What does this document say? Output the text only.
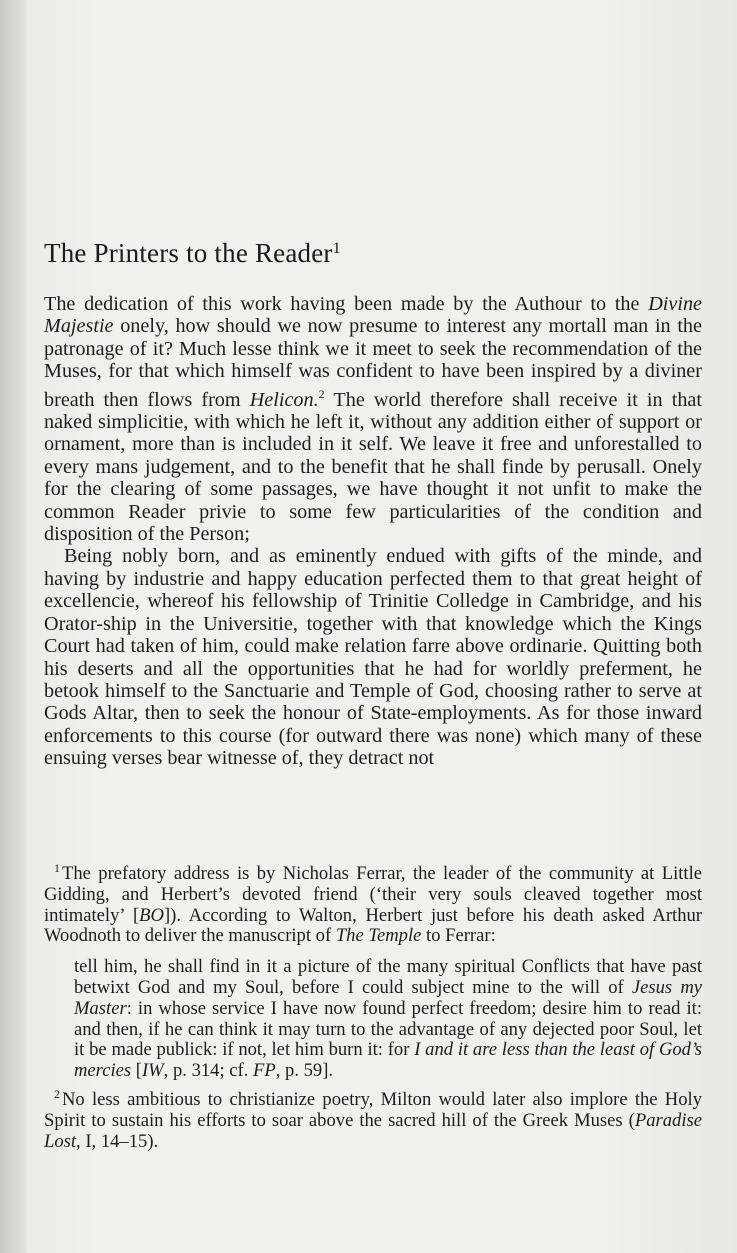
The Printers to the Reader$^1$

The dedication of this work having been made by the Authour to the Divine Majestie onely, how should we now presume to interest any mortall man in the patronage of it? Much lesse think we it meet to seek the recommendation of the Muses, for that which himself was confident to have been inspired by a diviner breath then flows from Helicon.$^2$ The world therefore shall receive it in that naked simplicitie, with which he left it, without any addition either of support or ornament, more than is included in it self. We leave it free and unforestalled to every mans judgement, and to the benefit that he shall finde by perusall. Onely for the clearing of some passages, we have thought it not unfit to make the common Reader privie to some few particularities of the condition and disposition of the Person;

Being nobly born, and as eminently endued with gifts of the minde, and having by industrie and happy education perfected them to that great height of excellencie, whereof his fellowship of Trinitie Colledge in Cambridge, and his Orator-ship in the Universitie, together with that knowledge which the Kings Court had taken of him, could make relation farre above ordinarie. Quitting both his deserts and all the opportunities that he had for worldly preferment, he betook himself to the Sanctuarie and Temple of God, choosing rather to serve at Gods Altar, then to seek the honour of State-employments. As for those inward enforcements to this course (for outward there was none) which many of these ensuing verses bear witnesse of, they detract not

$^1$ The prefatory address is by Nicholas Ferrar, the leader of the community at Little Gidding, and Herbert’s devoted friend (‘their very souls cleaved together most intimately’ [BO]). According to Walton, Herbert just before his death asked Arthur Woodnoth to deliver the manuscript of The Temple to Ferrar:

tell him, he shall find in it a picture of the many spiritual Conflicts that have past betwixt God and my Soul, before I could subject mine to the will of Jesus my Master: in whose service I have now found perfect freedom; desire him to read it: and then, if he can think it may turn to the advantage of any dejected poor Soul, let it be made publick: if not, let him burn it: for I and it are less than the least of God’s mercies [IW, p. 314; cf. FP, p. 59].

$^2$ No less ambitious to christianize poetry, Milton would later also implore the Holy Spirit to sustain his efforts to soar above the sacred hill of the Greek Muses (Paradise Lost, I, 14–15).
